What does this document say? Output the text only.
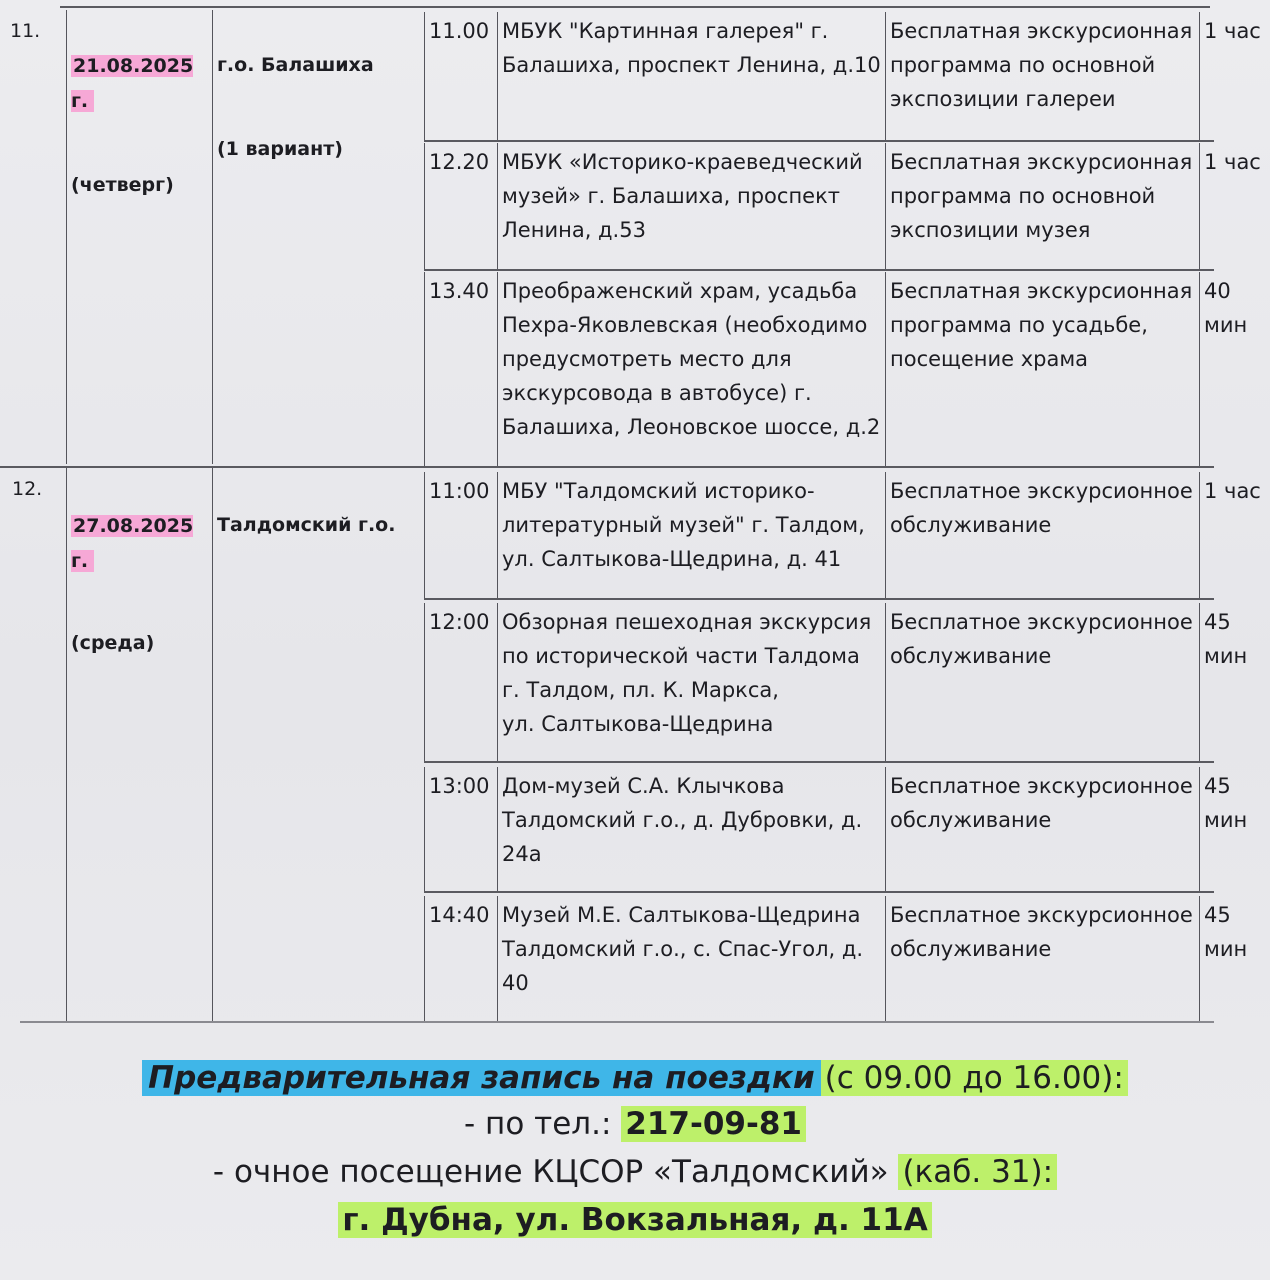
11.

21.08.2025 г.

(четверг)

г.о. Балашиха

(1 вариант)

11.00 МБУК "Картинная галерея" г.
Балашиха, проспект Ленина, д.10
Бесплатная экскурсионная
программа по основной
экспозиции галереи
1 час
12.20 МБУК «Историко-краеведческий
музей» г. Балашиха, проспект
Ленина, д.53
Бесплатная экскурсионная
программа по основной
экспозиции музея
1 час
13.40 Преображенский храм, усадьба
Пехра-Яковлевская (необходимо
предусмотреть место для
экскурсовода в автобусе) г.
Балашиха, Леоновское шоссе, д.2
Бесплатная экскурсионная
программа по усадьбе,
посещение храма
40
мин
12.

27.08.2025 г.

(среда)

Талдомский г.о.

11:00 МБУ "Талдомский историко-
литературный музей" г. Талдом,
ул. Салтыкова-Щедрина, д. 41
Бесплатное экскурсионное
обслуживание
1 час
12:00 Обзорная пешеходная экскурсия
по исторической части Талдома
г. Талдом, пл. К. Маркса,
ул. Салтыкова-Щедрина
Бесплатное экскурсионное
обслуживание
45
мин
13:00 Дом-музей С.А. Клычкова
Талдомский г.о., д. Дубровки, д.
24а
Бесплатное экскурсионное
обслуживание
45
мин
14:40 Музей М.Е. Салтыкова-Щедрина
Талдомский г.о., с. Спас-Угол, д.
40
Бесплатное экскурсионное
обслуживание
45
мин
Предварительная запись на поездки (с 09.00 до 16.00):
- по тел.: 217-09-81
- очное посещение КЦСОР «Талдомский» (каб. 31):
г. Дубна, ул. Вокзальная, д. 11А
